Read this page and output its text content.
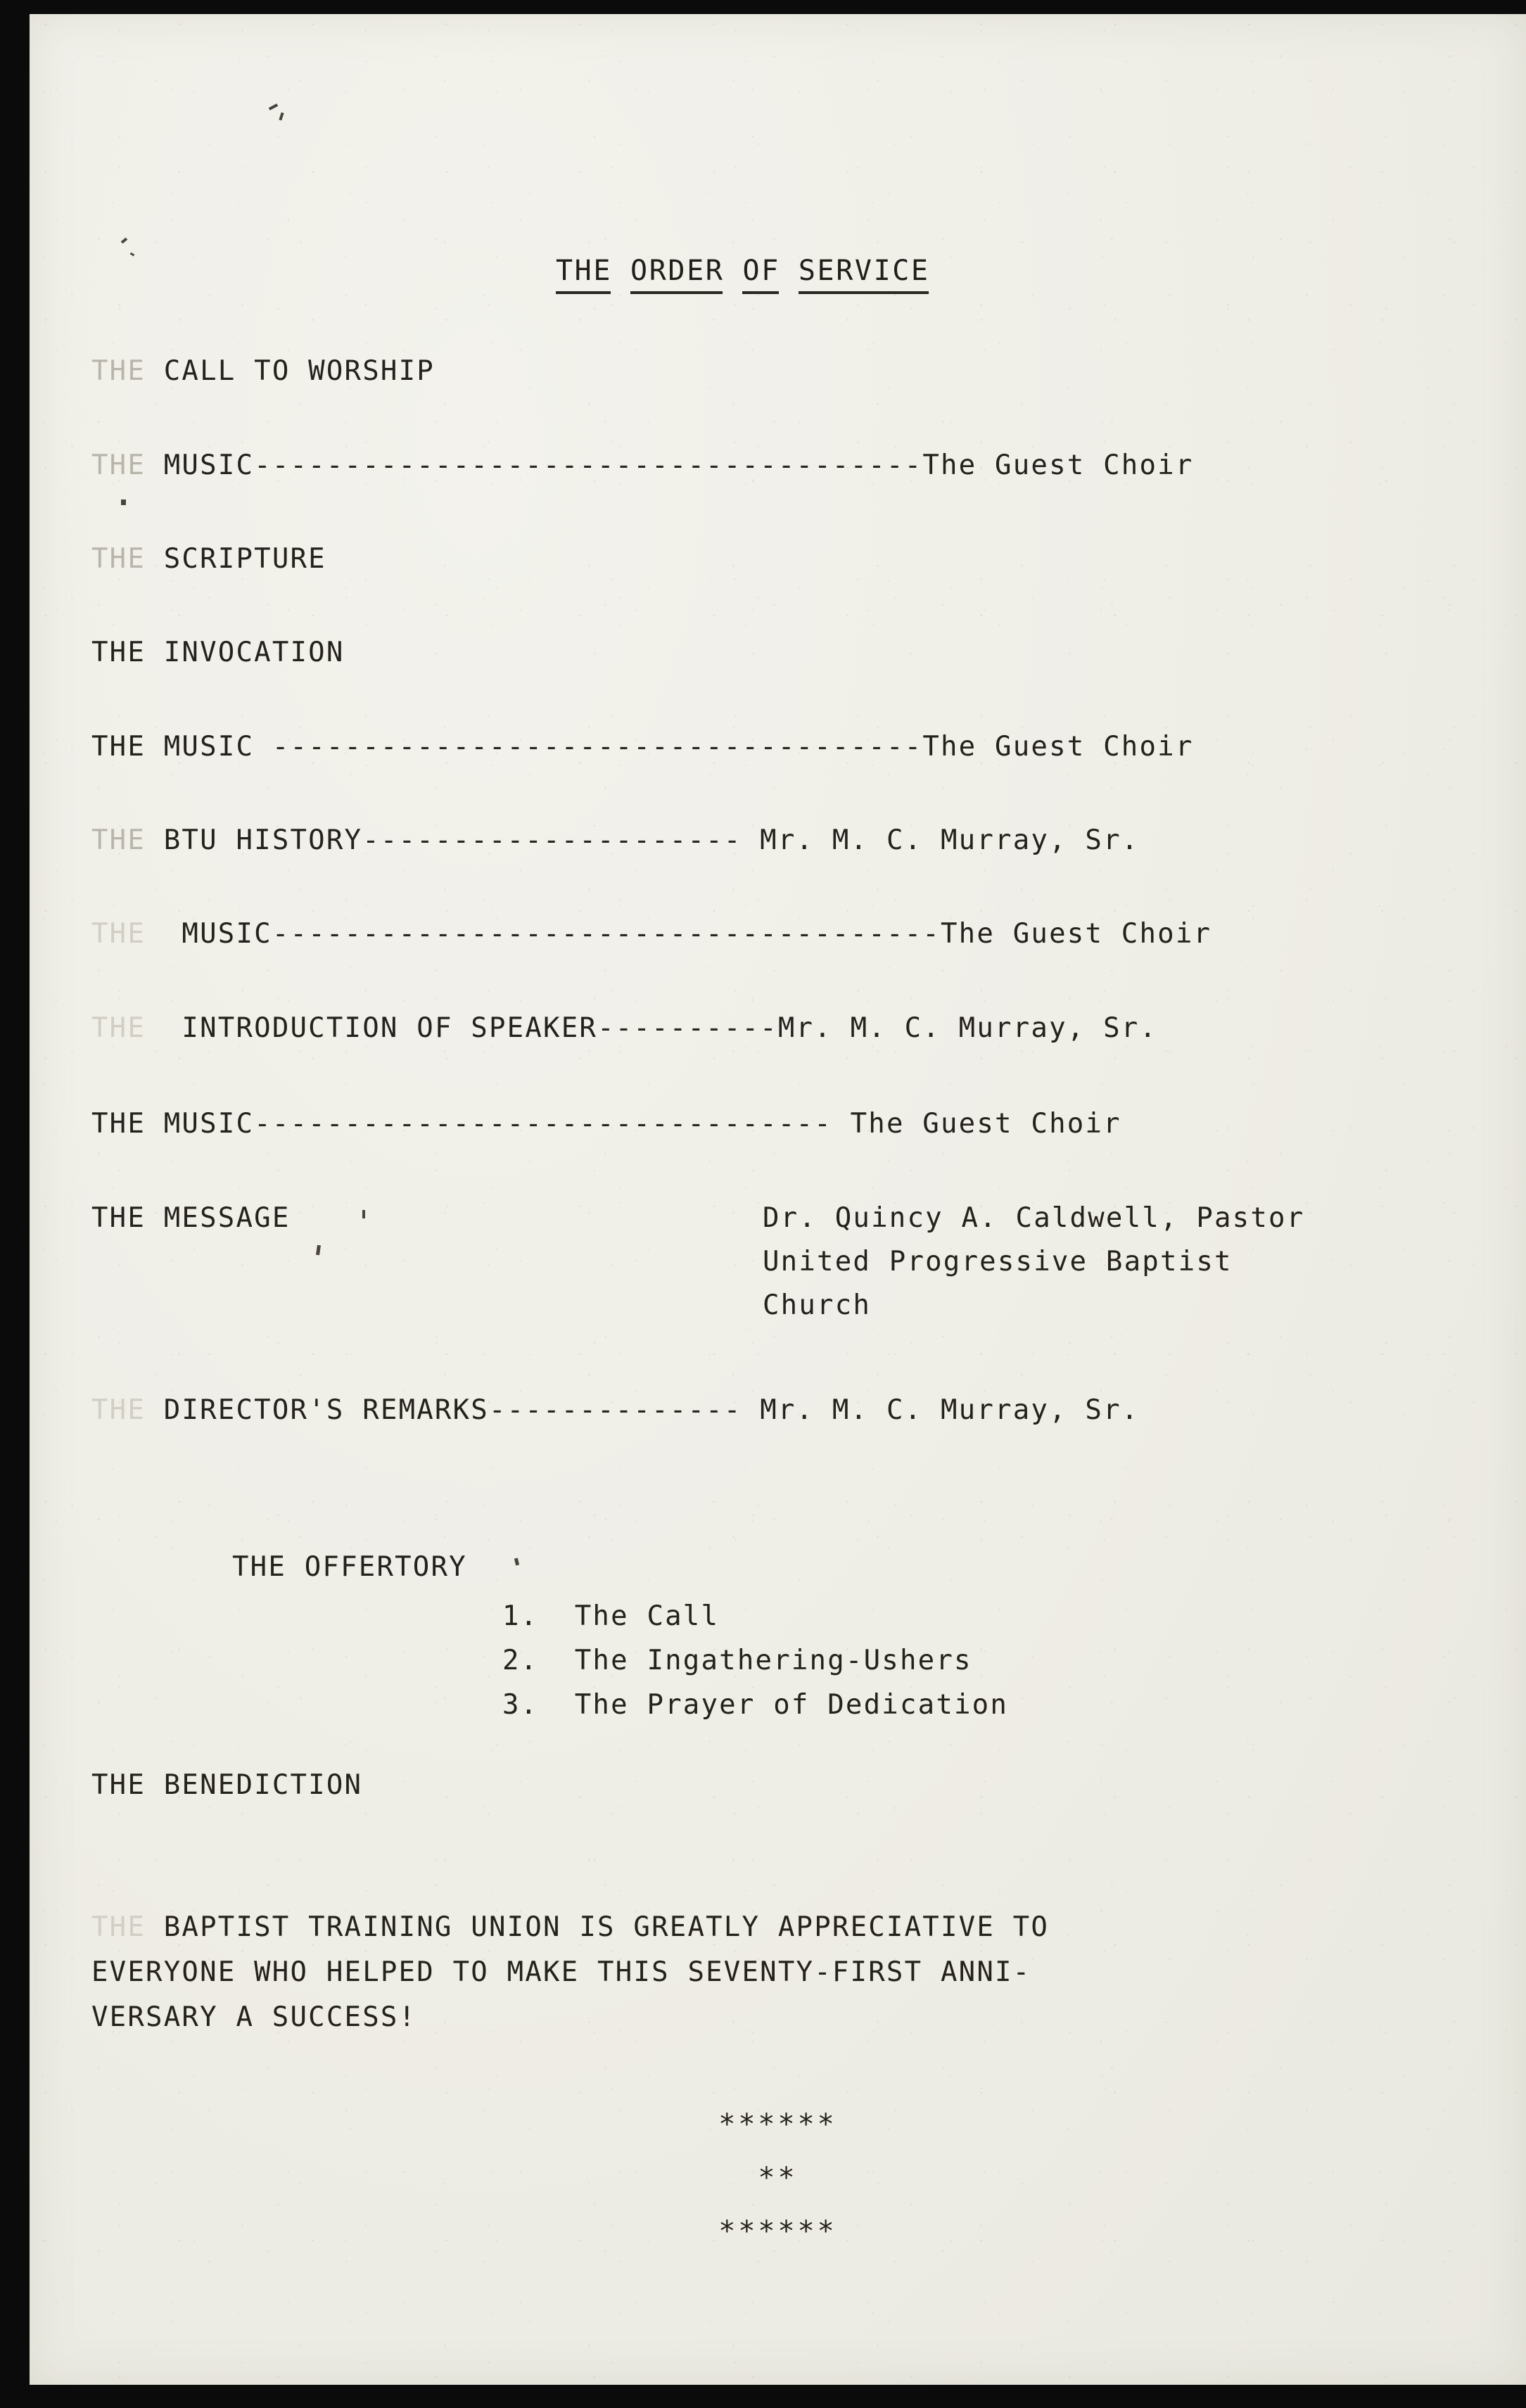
THE ORDER OF SERVICE
THE CALL TO WORSHIP
THE MUSIC-------------------------------------The Guest Choir
THE SCRIPTURE
THE INVOCATION
THE MUSIC ------------------------------------The Guest Choir
THE BTU HISTORY--------------------- Mr. M. C. Murray, Sr.
THE MUSIC-------------------------------------The Guest Choir
THE INTRODUCTION OF SPEAKER----------Mr. M. C. Murray, Sr.
THE MUSIC-------------------------------- The Guest Choir
THE MESSAGE	Dr. Quincy A. Caldwell, Pastor
United Progressive Baptist
Church
THE DIRECTOR'S REMARKS-------------- Mr. M. C. Murray, Sr.
THE OFFERTORY
1.  The Call
2.  The Ingathering-Ushers
3.  The Prayer of Dedication
THE BENEDICTION
THE BAPTIST TRAINING UNION IS GREATLY APPRECIATIVE TO
EVERYONE WHO HELPED TO MAKE THIS SEVENTY-FIRST ANNI-
VERSARY A SUCCESS!
******
**
******
